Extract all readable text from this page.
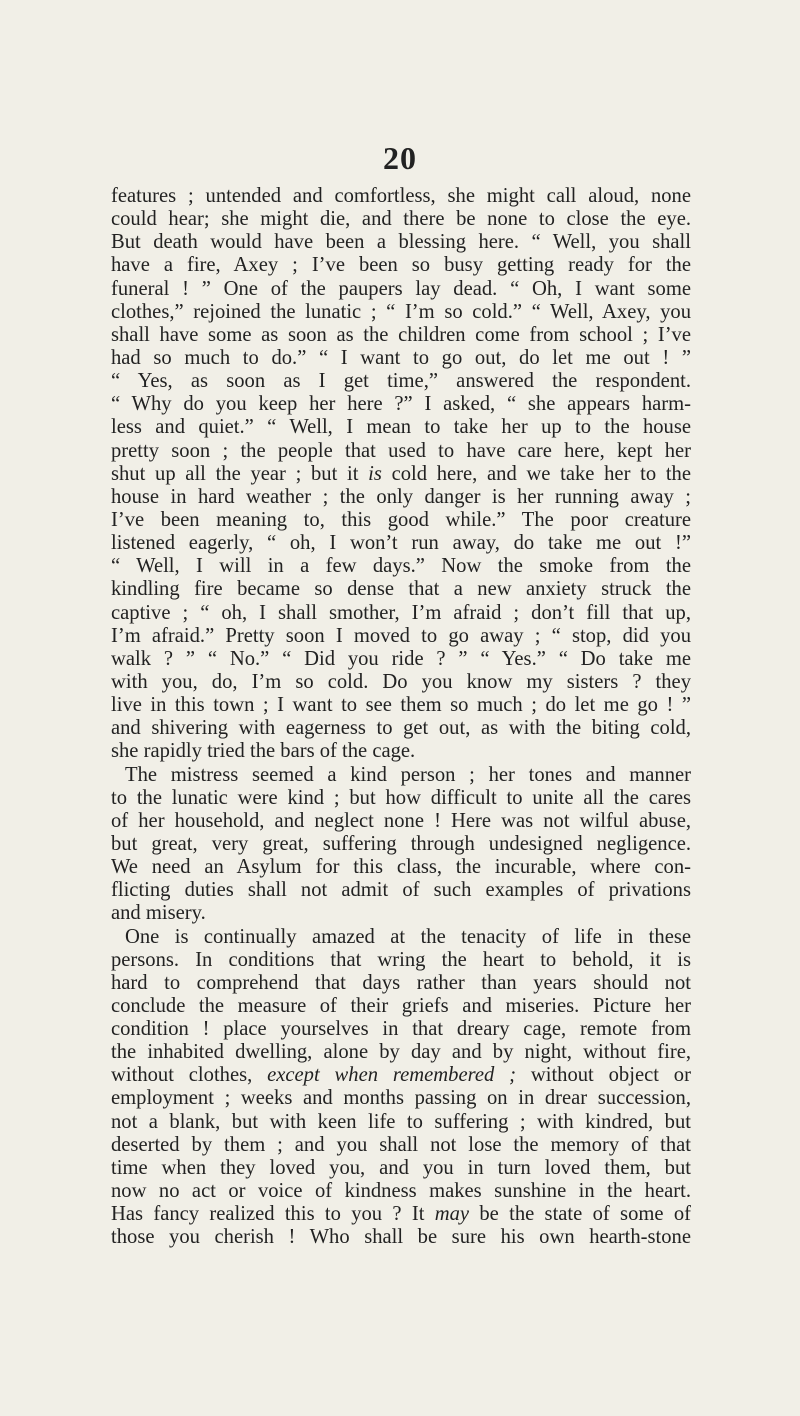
20
features ; untended and comfortless, she might call aloud, none
could hear; she might die, and there be none to close the eye.
But death would have been a blessing here. “ Well, you shall
have a fire, Axey ; I’ve been so busy getting ready for the
funeral ! ” One of the paupers lay dead. “ Oh, I want some
clothes,” rejoined the lunatic ; “ I’m so cold.” “ Well, Axey, you
shall have some as soon as the children come from school ; I’ve
had so much to do.” “ I want to go out, do let me out ! ”
“ Yes, as soon as I get time,” answered the respondent.
“ Why do you keep her here ?” I asked, “ she appears harm-
less and quiet.” “ Well, I mean to take her up to the house
pretty soon ; the people that used to have care here, kept her
shut up all the year ; but it is cold here, and we take her to the
house in hard weather ; the only danger is her running away ;
I’ve been meaning to, this good while.” The poor creature
listened eagerly, “ oh, I won’t run away, do take me out !”
“ Well, I will in a few days.” Now the smoke from the
kindling fire became so dense that a new anxiety struck the
captive ; “ oh, I shall smother, I’m afraid ; don’t fill that up,
I’m afraid.” Pretty soon I moved to go away ; “ stop, did you
walk ? ” “ No.” “ Did you ride ? ” “ Yes.” “ Do take me
with you, do, I’m so cold. Do you know my sisters ? they
live in this town ; I want to see them so much ; do let me go ! ”
and shivering with eagerness to get out, as with the biting cold,
she rapidly tried the bars of the cage.
The mistress seemed a kind person ; her tones and manner
to the lunatic were kind ; but how difficult to unite all the cares
of her household, and neglect none ! Here was not wilful abuse,
but great, very great, suffering through undesigned negligence.
We need an Asylum for this class, the incurable, where con-
flicting duties shall not admit of such examples of privations
and misery.
One is continually amazed at the tenacity of life in these
persons. In conditions that wring the heart to behold, it is
hard to comprehend that days rather than years should not
conclude the measure of their griefs and miseries. Picture her
condition ! place yourselves in that dreary cage, remote from
the inhabited dwelling, alone by day and by night, without fire,
without clothes, except when remembered ; without object or
employment ; weeks and months passing on in drear succession,
not a blank, but with keen life to suffering ; with kindred, but
deserted by them ; and you shall not lose the memory of that
time when they loved you, and you in turn loved them, but
now no act or voice of kindness makes sunshine in the heart.
Has fancy realized this to you ? It may be the state of some of
those you cherish ! Who shall be sure his own hearth-stone
